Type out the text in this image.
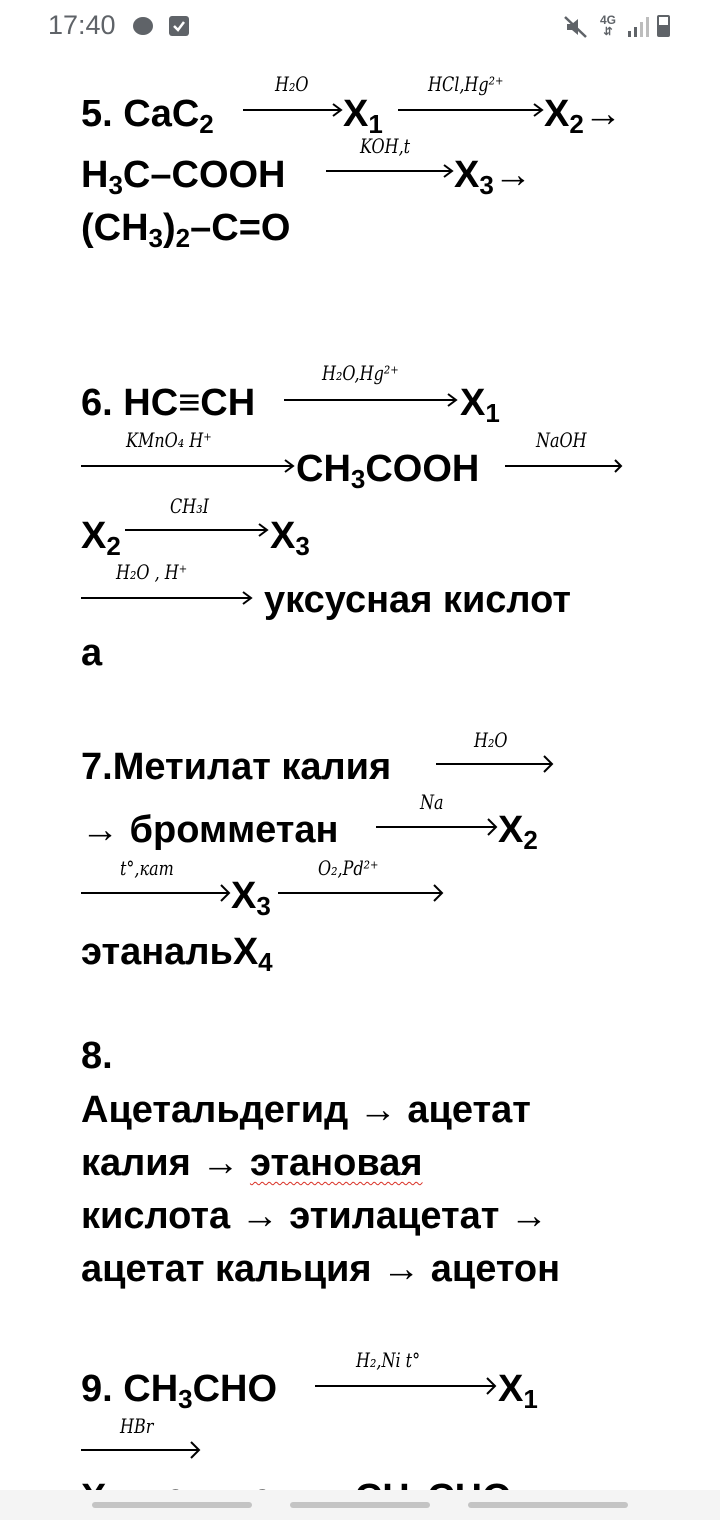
17:40	4G
⇵
5. CaC$_2$
H₂O
$X_1$
HCl,Hg²⁺
$X_2\to$
$H_3C$–COOH
KOH,t
$X_3\to$
$(CH_3)_2-C=O$
6. HC≡CH
H₂O,Hg²⁺
$X_1$
KMnO₄ H⁺
$CH_3COOH$
NaOH
$X_2$
CH₃I
$X_3$
H₂O , H⁺
уксусная кислот
а
7.Метилат калия
H₂O
→ бромметан
Na
$X_2$
t°,кат
$X_3$
O₂,Pd²⁺
этанальX$_4$
8.
Ацетальдегид → ацетат
калия → этановая
кислота → этилацетат →
ацетат кальция → ацетон
9. $CH_3CHO$
H₂,Ni t°
$X_1$
HBr
